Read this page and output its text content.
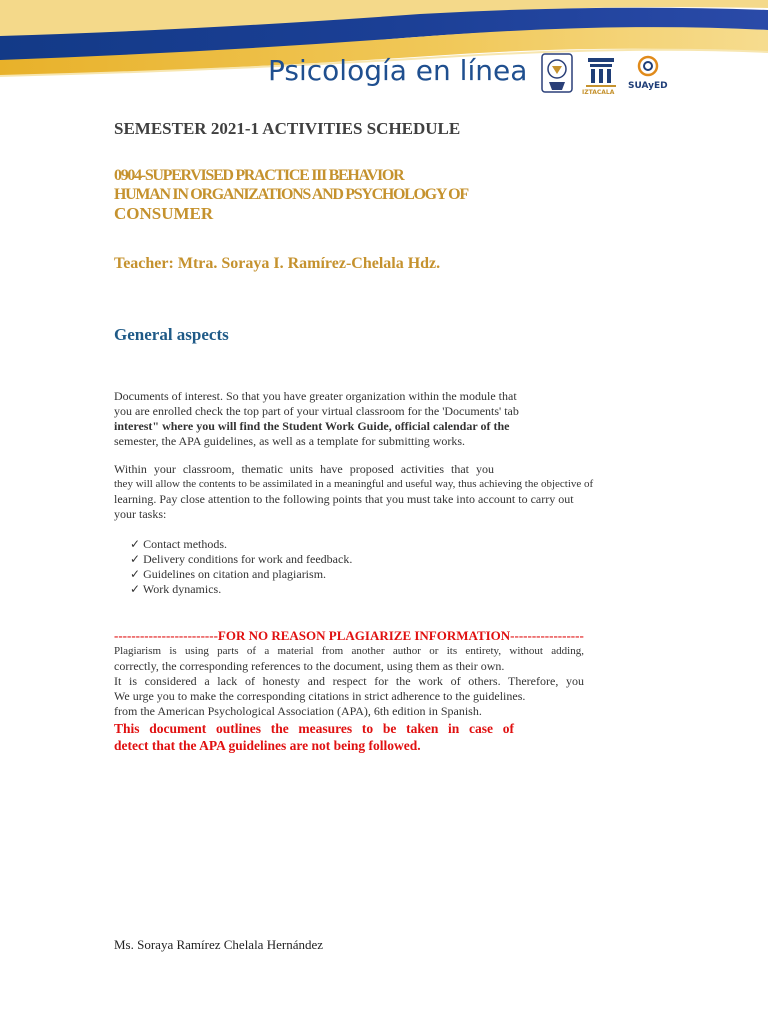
Psicología en línea
IZTACALA
SUAyED
SEMESTER 2021-1 ACTIVITIES SCHEDULE
0904-SUPERVISED PRACTICE III BEHAVIOR
HUMAN IN ORGANIZATIONS AND PSYCHOLOGY OF
CONSUMER
Teacher: Mtra. Soraya I. Ramírez-Chelala Hdz.
General aspects
Documents of interest. So that you have greater organization within the module that
you are enrolled check the top part of your virtual classroom for the 'Documents' tab
interest" where you will find the Student Work Guide, official calendar of the
semester, the APA guidelines, as well as a template for submitting works.
Within your classroom, thematic units have proposed activities that you
they will allow the contents to be assimilated in a meaningful and useful way, thus achieving the objective of
learning. Pay close attention to the following points that you must take into account to carry out
your tasks:
✓ Contact methods.
✓ Delivery conditions for work and feedback.
✓ Guidelines on citation and plagiarism.
✓ Work dynamics.
------------------------FOR NO REASON PLAGIARIZE INFORMATION-----------------
Plagiarism is using parts of a material from another author or its entirety, without adding,
correctly, the corresponding references to the document, using them as their own.
It is considered a lack of honesty and respect for the work of others. Therefore, you
We urge you to make the corresponding citations in strict adherence to the guidelines.
from the American Psychological Association (APA), 6th edition in Spanish.
This document outlines the measures to be taken in case of
detect that the APA guidelines are not being followed.
Ms. Soraya Ramírez Chelala Hernández
